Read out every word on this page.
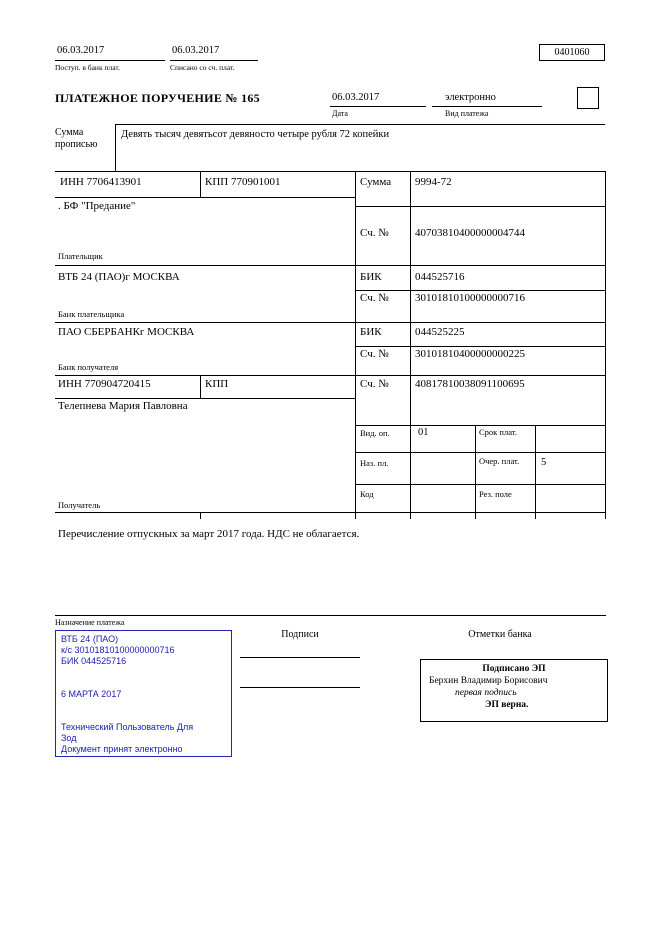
06.03.2017
Поступ. в банк плат.
06.03.2017
Списано со сч. плат.
0401060
ПЛАТЕЖНОЕ ПОРУЧЕНИЕ № 165	06.03.2017
Дата
электронно
Вид платежа
Сумма прописью
Девять тысяч девятьсот девяносто четыре рубля 72 копейки
ИНН 7706413901	КПП 770901001	Сумма 9994-72
. БФ "Предание"
Сч. № 40703810400000004744
Плательщик
ВТБ 24 (ПАО)г МОСКВА	БИК	044525716
Сч. № 30101810100000000716
Банк плательщика
ПАО СБЕРБАНКг МОСКВА	БИК	044525225
Сч. № 30101810400000000225
Банк получателя
ИНН 770904720415	КПП	Сч. № 40817810038091100695
Телепнева Мария Павловна
Вид. оп.	01	Срок плат.
Наз. пл.	Очер. плат.	5
Код	Рез. поле
Получатель
Перечисление отпускных за март 2017 года. НДС не облагается.
Назначение платежа
ВТБ 24 (ПАО)
к/с 30101810100000000716
БИК 044525716
6 МАРТА 2017
Технический Пользователь Для
Зод
Документ принят электронно
Подписи	Отметки банка
Подписано ЭП
Берхин Владимир Борисович
первая подпись
ЭП верна.
